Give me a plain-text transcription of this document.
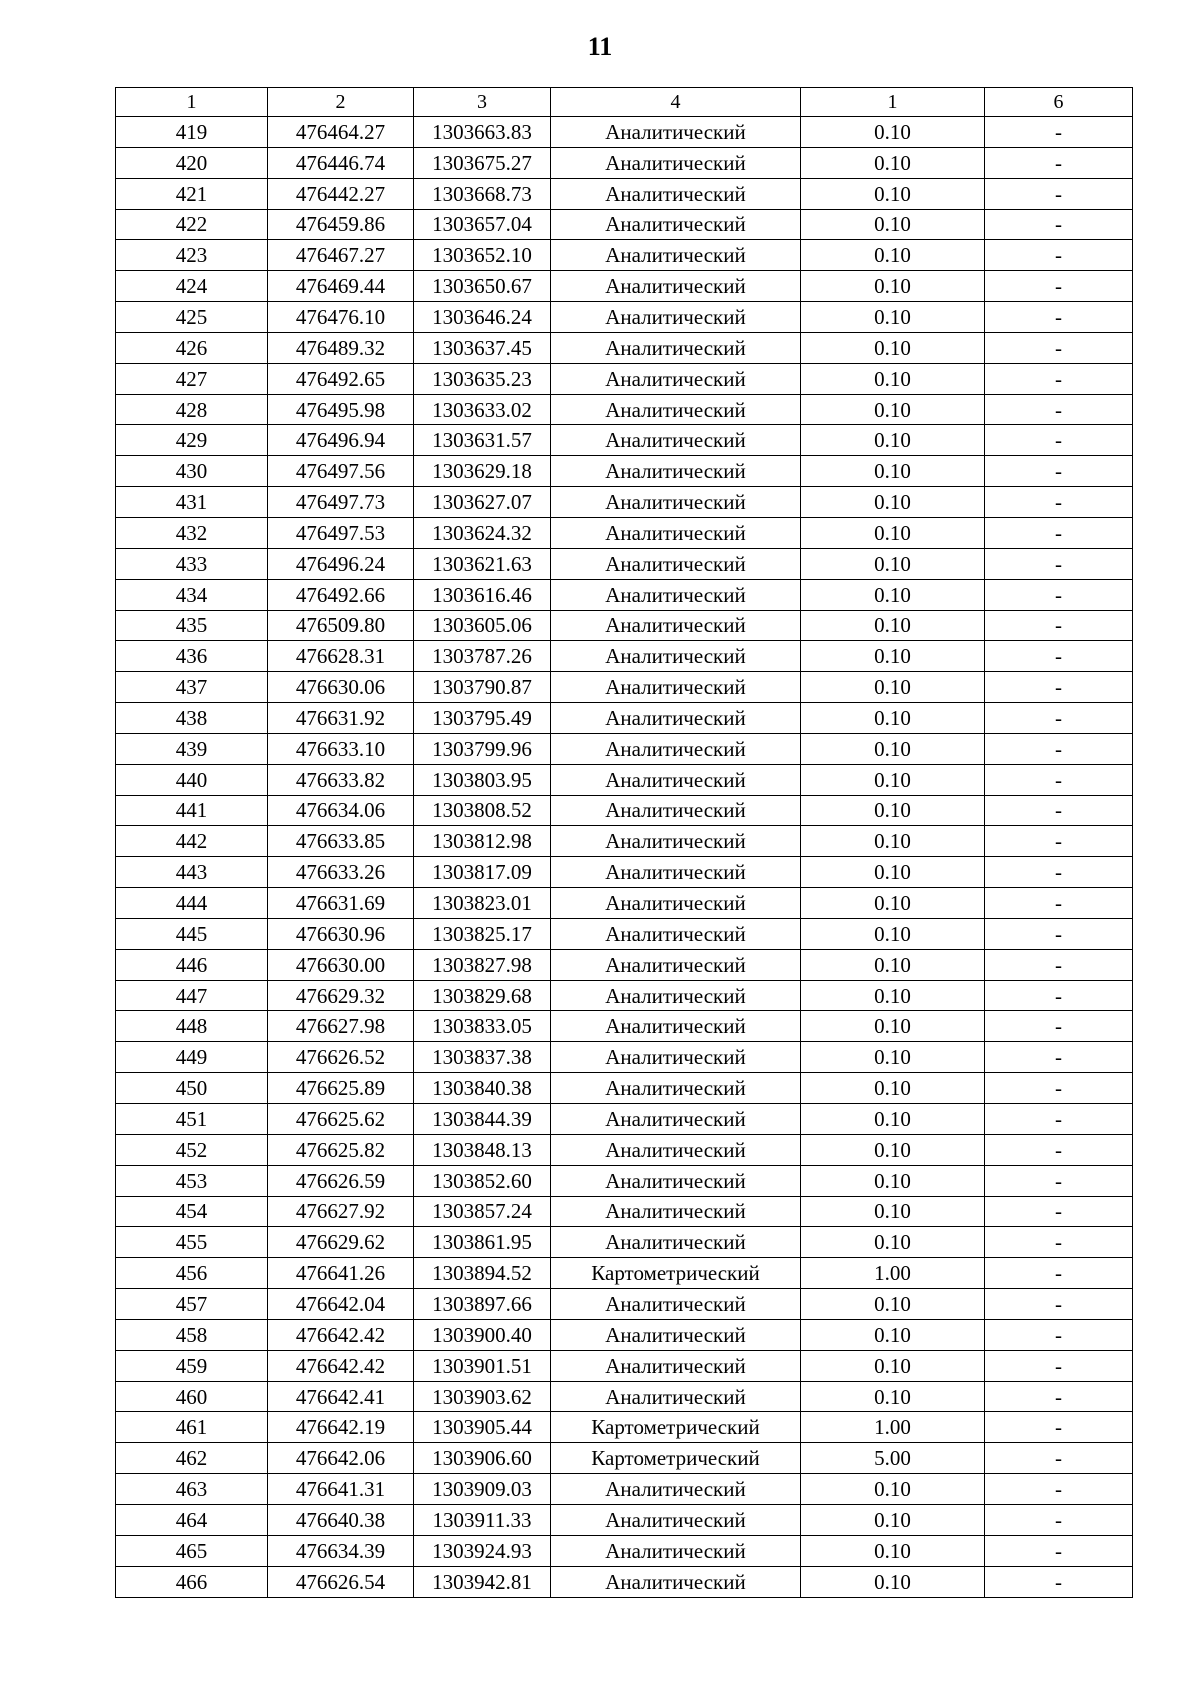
11
1	2	3	4	1	6
419	476464.27	1303663.83	Аналитический	0.10	-
420	476446.74	1303675.27	Аналитический	0.10	-
421	476442.27	1303668.73	Аналитический	0.10	-
422	476459.86	1303657.04	Аналитический	0.10	-
423	476467.27	1303652.10	Аналитический	0.10	-
424	476469.44	1303650.67	Аналитический	0.10	-
425	476476.10	1303646.24	Аналитический	0.10	-
426	476489.32	1303637.45	Аналитический	0.10	-
427	476492.65	1303635.23	Аналитический	0.10	-
428	476495.98	1303633.02	Аналитический	0.10	-
429	476496.94	1303631.57	Аналитический	0.10	-
430	476497.56	1303629.18	Аналитический	0.10	-
431	476497.73	1303627.07	Аналитический	0.10	-
432	476497.53	1303624.32	Аналитический	0.10	-
433	476496.24	1303621.63	Аналитический	0.10	-
434	476492.66	1303616.46	Аналитический	0.10	-
435	476509.80	1303605.06	Аналитический	0.10	-
436	476628.31	1303787.26	Аналитический	0.10	-
437	476630.06	1303790.87	Аналитический	0.10	-
438	476631.92	1303795.49	Аналитический	0.10	-
439	476633.10	1303799.96	Аналитический	0.10	-
440	476633.82	1303803.95	Аналитический	0.10	-
441	476634.06	1303808.52	Аналитический	0.10	-
442	476633.85	1303812.98	Аналитический	0.10	-
443	476633.26	1303817.09	Аналитический	0.10	-
444	476631.69	1303823.01	Аналитический	0.10	-
445	476630.96	1303825.17	Аналитический	0.10	-
446	476630.00	1303827.98	Аналитический	0.10	-
447	476629.32	1303829.68	Аналитический	0.10	-
448	476627.98	1303833.05	Аналитический	0.10	-
449	476626.52	1303837.38	Аналитический	0.10	-
450	476625.89	1303840.38	Аналитический	0.10	-
451	476625.62	1303844.39	Аналитический	0.10	-
452	476625.82	1303848.13	Аналитический	0.10	-
453	476626.59	1303852.60	Аналитический	0.10	-
454	476627.92	1303857.24	Аналитический	0.10	-
455	476629.62	1303861.95	Аналитический	0.10	-
456	476641.26	1303894.52	Картометрический	1.00	-
457	476642.04	1303897.66	Аналитический	0.10	-
458	476642.42	1303900.40	Аналитический	0.10	-
459	476642.42	1303901.51	Аналитический	0.10	-
460	476642.41	1303903.62	Аналитический	0.10	-
461	476642.19	1303905.44	Картометрический	1.00	-
462	476642.06	1303906.60	Картометрический	5.00	-
463	476641.31	1303909.03	Аналитический	0.10	-
464	476640.38	1303911.33	Аналитический	0.10	-
465	476634.39	1303924.93	Аналитический	0.10	-
466	476626.54	1303942.81	Аналитический	0.10	-
